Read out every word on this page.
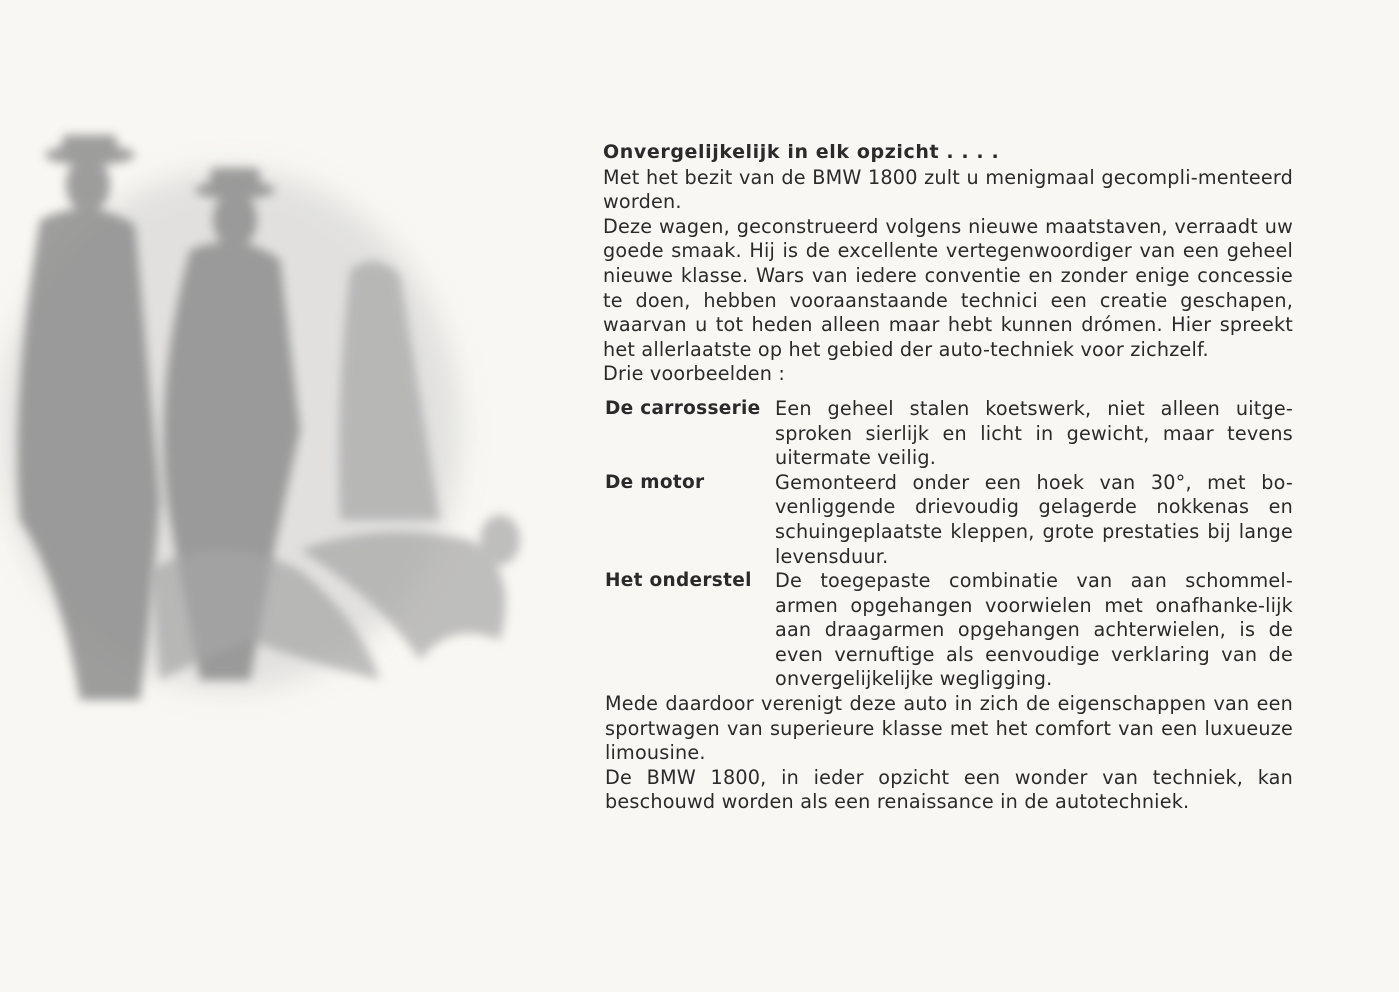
Onvergelijkelijk in elk opzicht . . . .

Met het bezit van de BMW 1800 zult u menigmaal gecompli-menteerd worden.

Deze wagen, geconstrueerd volgens nieuwe maatstaven, verraadt uw goede smaak. Hij is de excellente vertegenwoordiger van een geheel nieuwe klasse. Wars van iedere conventie en zonder enige concessie te doen, hebben vooraanstaande technici een creatie geschapen, waarvan u tot heden alleen maar hebt kunnen drómen. Hier spreekt het allerlaatste op het gebied der auto-techniek voor zichzelf.

Drie voorbeelden :

De carrosserie Een geheel stalen koetswerk, niet alleen uitge-sproken sierlijk en licht in gewicht, maar tevens uitermate veilig.

De motor	Gemonteerd onder een hoek van 30°, met bo-venliggende drievoudig gelagerde nokkenas en schuingeplaatste kleppen, grote prestaties bij lange levensduur.

Het onderstel	De toegepaste combinatie van aan schommel-armen opgehangen voorwielen met onafhanke-lijk aan draagarmen opgehangen achterwielen, is de even vernuftige als eenvoudige verklaring van de onvergelijkelijke wegligging.

Mede daardoor verenigt deze auto in zich de eigenschappen van een sportwagen van superieure klasse met het comfort van een luxueuze limousine.

De BMW 1800, in ieder opzicht een wonder van techniek, kan beschouwd worden als een renaissance in de autotechniek.
